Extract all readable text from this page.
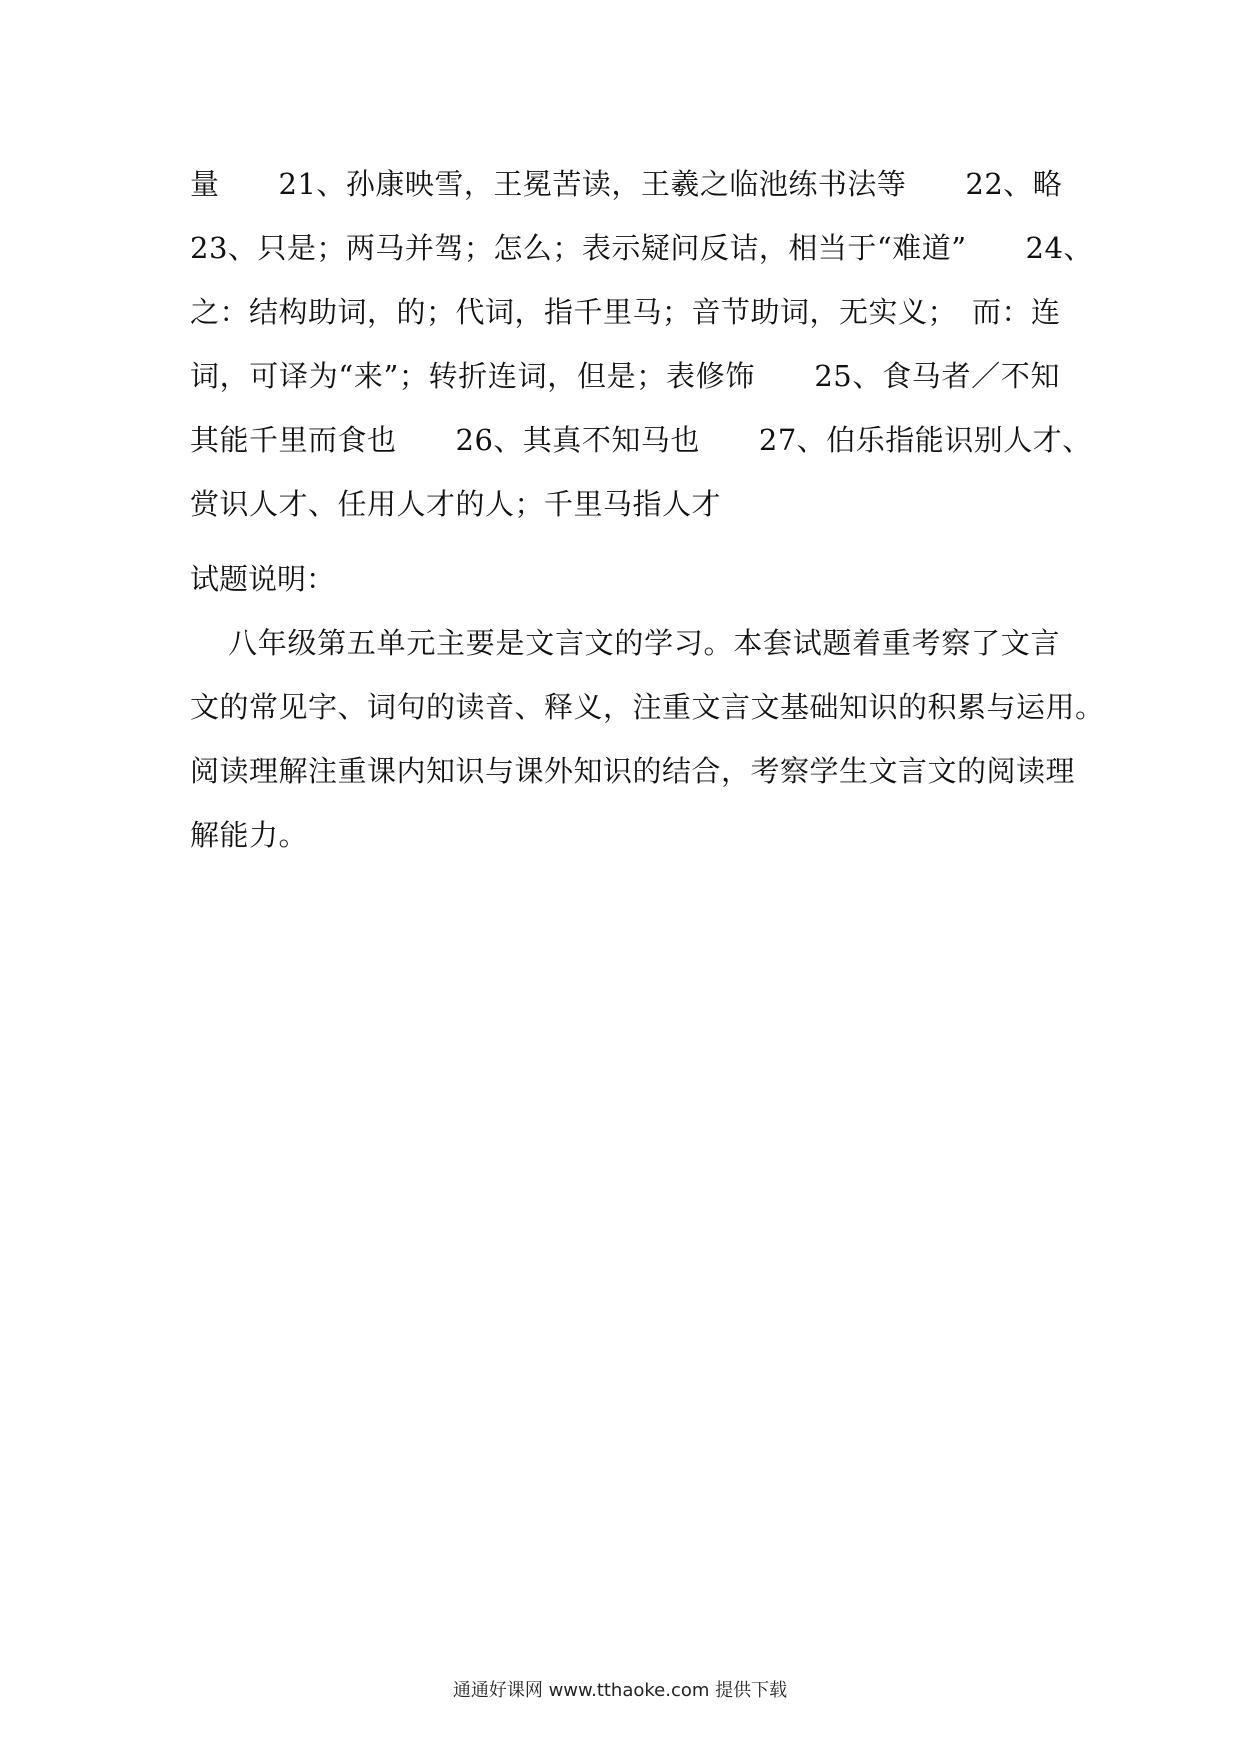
量　　21、孙康映雪，王冕苦读，王羲之临池练书法等　　22、略
23、只是；两马并驾；怎么；表示疑问反诘，相当于“难道”　　24、
之：结构助词，的；代词，指千里马；音节助词，无实义；　而：连
词，可译为“来”；转折连词，但是；表修饰　　25、食马者／不知
其能千里而食也　　26、其真不知马也　　27、伯乐指能识别人才、
赏识人才、任用人才的人；千里马指人才
试题说明：
八年级第五单元主要是文言文的学习。本套试题着重考察了文言
文的常见字、词句的读音、释义，注重文言文基础知识的积累与运用。
阅读理解注重课内知识与课外知识的结合，考察学生文言文的阅读理
解能力。
通通好课网 www.tthaoke.com 提供下载
